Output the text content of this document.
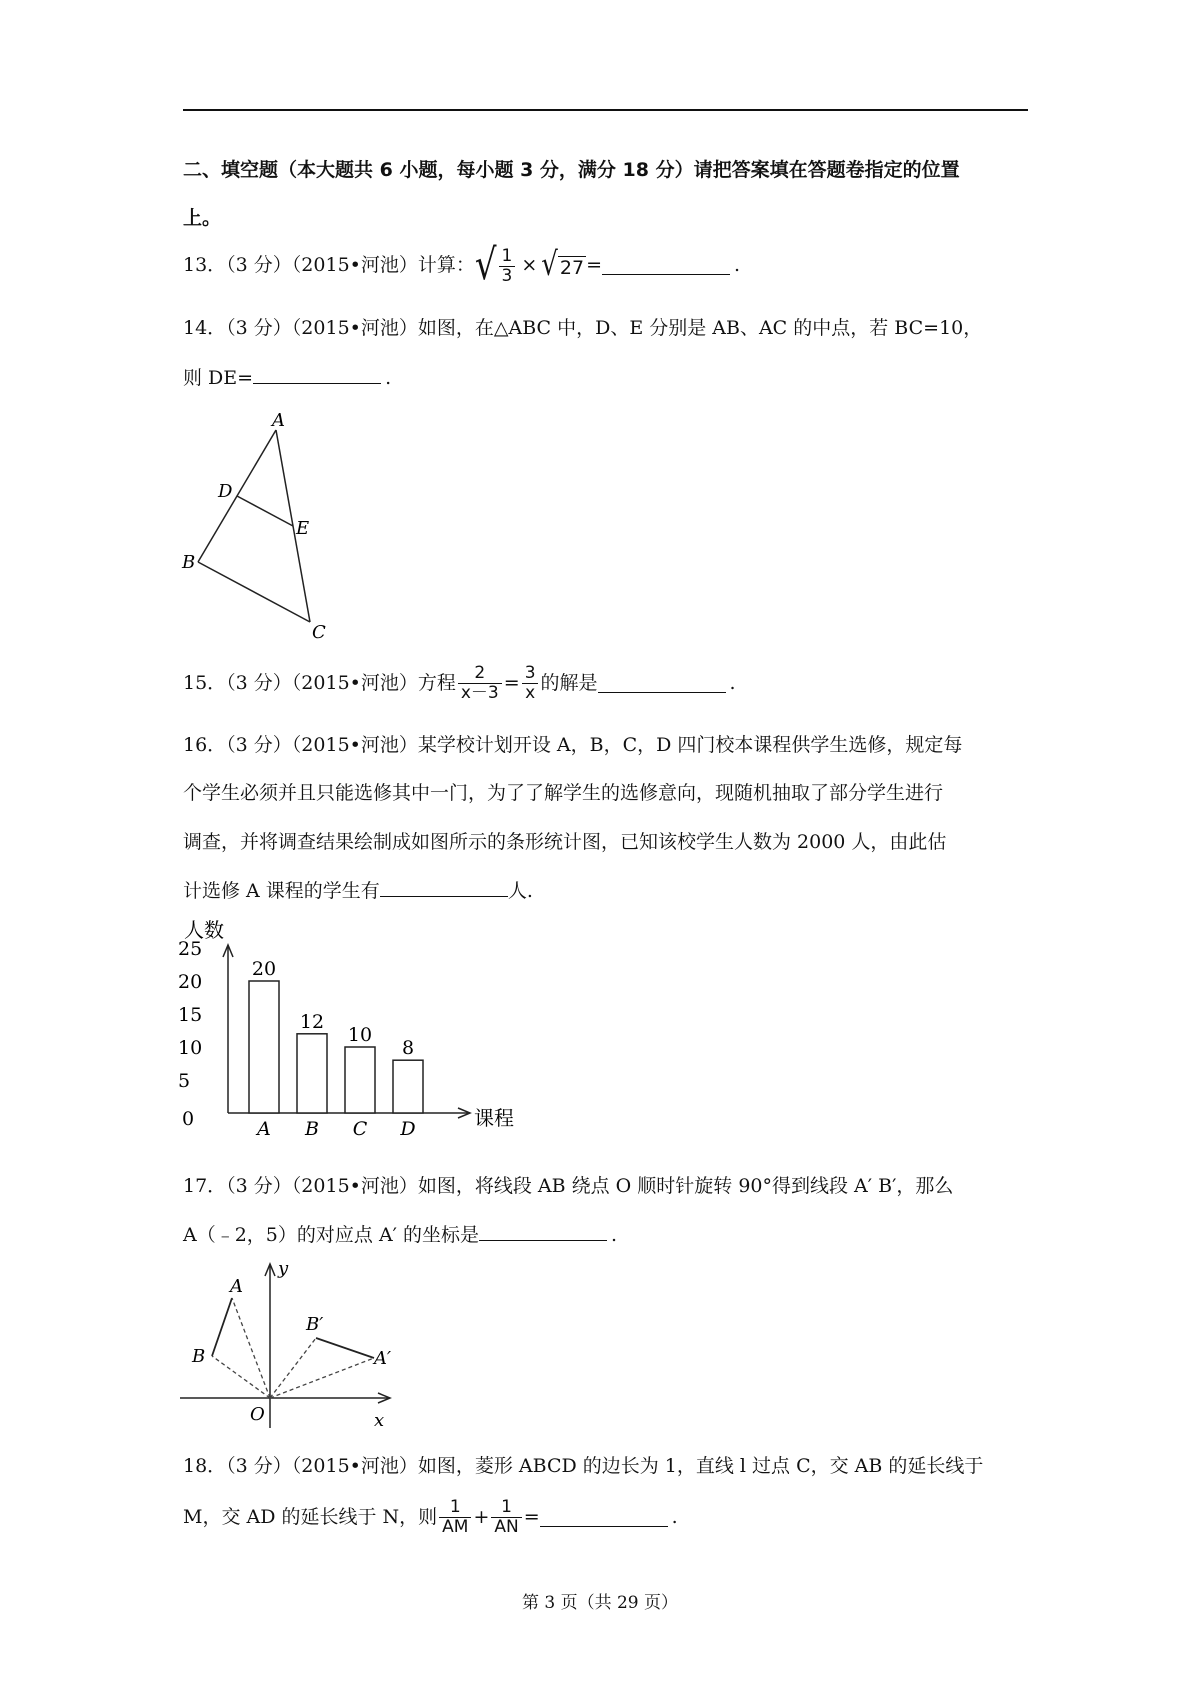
二、填空题（本大题共 6 小题，每小题 3 分，满分 18 分）请把答案填在答题卷指定的位置
上。
13．（3 分）（2015•河池）计算： √ $\frac{1}{3}$ × √ 27 =	.
14．（3 分）（2015•河池）如图，在△ABC 中，D、E 分别是 AB、AC 的中点，若 BC=10，
则 DE=	.
A
D
E
B
C
15．（3 分）（2015•河池）方程 $\frac{2}{x-3} = \frac{3}{x}$ 的解是	.
16．（3 分）（2015•河池）某学校计划开设 A，B，C，D 四门校本课程供学生选修，规定每
个学生必须并且只能选修其中一门，为了了解学生的选修意向，现随机抽取了部分学生进行
调查，并将调查结果绘制成如图所示的条形统计图，已知该校学生人数为 2000 人，由此估
计选修 A 课程的学生有	人.
人数
课程
0
5
10
15
20
25
20
A
12
B
10
C
8
D
17．（3 分）（2015•河池）如图，将线段 AB 绕点 O 顺时针旋转 90°得到线段 A′ B′，那么
A（﹣2，5）的对应点 A′ 的坐标是	.
y
x
O
A
B
B′
A′
18．（3 分）（2015•河池）如图，菱形 ABCD 的边长为 1，直线 l 过点 C，交 AB 的延长线于
M，交 AD 的延长线于 N，则 $\frac{1}{AM} + \frac{1}{AN}$ =	.
第 3 页（共 29 页）
